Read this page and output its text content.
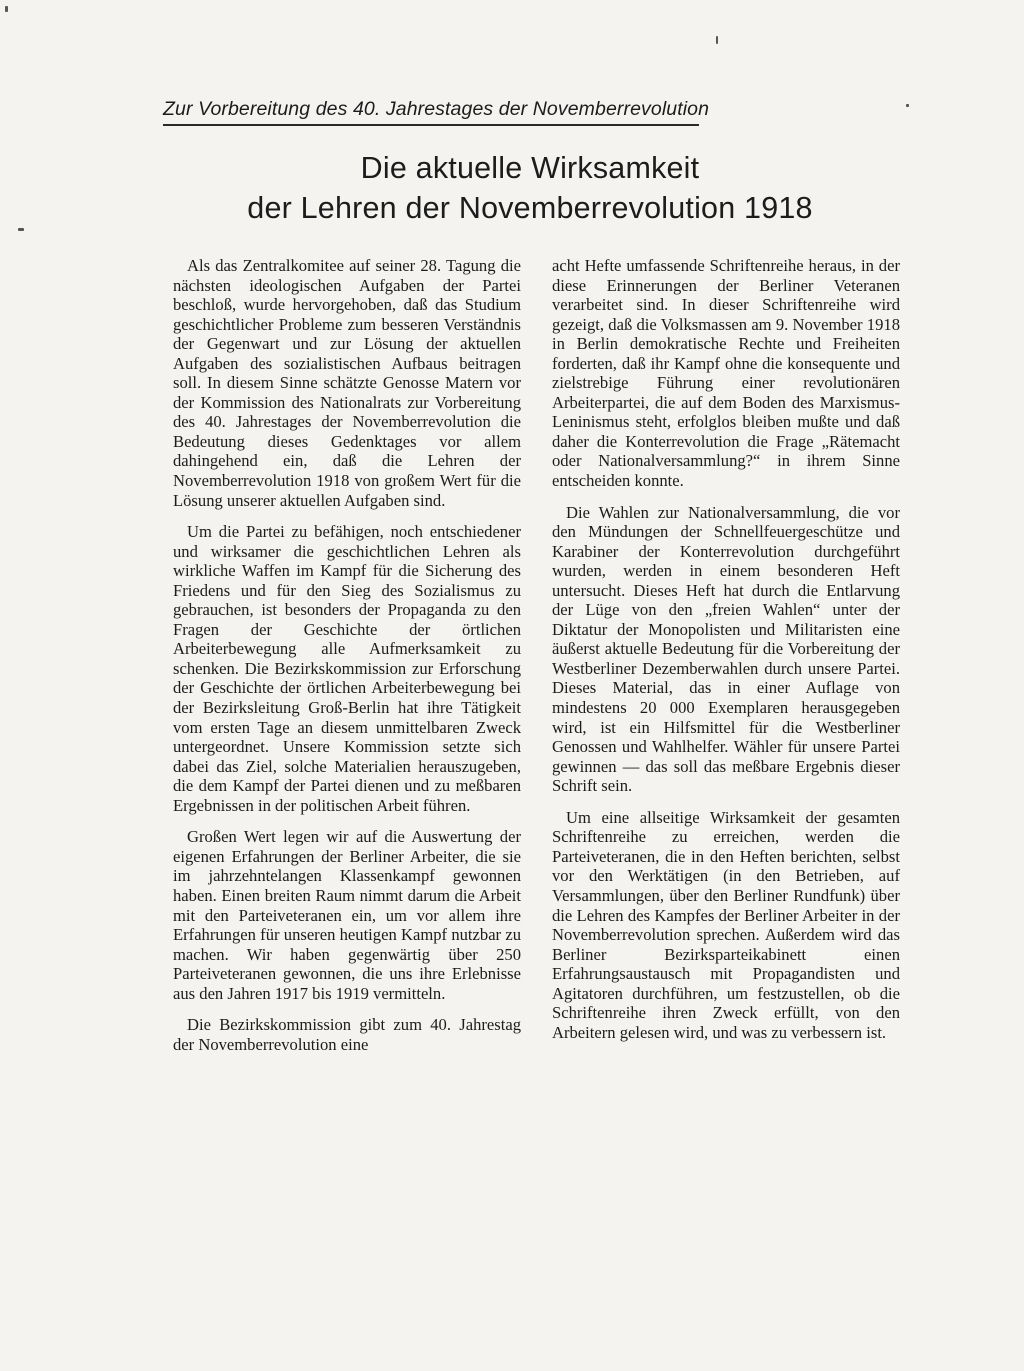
Zur Vorbereitung des 40. Jahrestages der Novemberrevolution
Die aktuelle Wirksamkeit
der Lehren der Novemberrevolution 1918

Als das Zentralkomitee auf seiner 28. Tagung die nächsten ideologischen Aufgaben der Partei beschloß, wurde hervorgehoben, daß das Studium geschichtlicher Probleme zum besseren Verständnis der Gegenwart und zur Lösung der aktuellen Aufgaben des sozialistischen Aufbaus beitragen soll. In diesem Sinne schätzte Genosse Matern vor der Kommission des Nationalrats zur Vorbereitung des 40. Jahrestages der Novemberrevolution die Bedeutung dieses Gedenktages vor allem dahingehend ein, daß die Lehren der Novemberrevolution 1918 von großem Wert für die Lösung unserer aktuellen Aufgaben sind.

Um die Partei zu befähigen, noch entschiedener und wirksamer die geschichtlichen Lehren als wirkliche Waffen im Kampf für die Sicherung des Friedens und für den Sieg des Sozialismus zu gebrauchen, ist besonders der Propaganda zu den Fragen der Geschichte der örtlichen Arbeiterbewegung alle Aufmerksamkeit zu schenken. Die Bezirkskommission zur Erforschung der Geschichte der örtlichen Arbeiterbewegung bei der Bezirksleitung Groß-Berlin hat ihre Tätigkeit vom ersten Tage an diesem unmittelbaren Zweck untergeordnet. Unsere Kommission setzte sich dabei das Ziel, solche Materialien herauszugeben, die dem Kampf der Partei dienen und zu meßbaren Ergebnissen in der politischen Arbeit führen.

Großen Wert legen wir auf die Auswertung der eigenen Erfahrungen der Berliner Arbeiter, die sie im jahrzehntelangen Klassenkampf gewonnen haben. Einen breiten Raum nimmt darum die Arbeit mit den Parteiveteranen ein, um vor allem ihre Erfahrungen für unseren heutigen Kampf nutzbar zu machen. Wir haben gegenwärtig über 250 Parteiveteranen gewonnen, die uns ihre Erlebnisse aus den Jahren 1917 bis 1919 vermitteln.

Die Bezirkskommission gibt zum 40. Jahrestag der Novemberrevolution eine

acht Hefte umfassende Schriftenreihe heraus, in der diese Erinnerungen der Berliner Veteranen verarbeitet sind. In dieser Schriftenreihe wird gezeigt, daß die Volksmassen am 9. November 1918 in Berlin demokratische Rechte und Freiheiten forderten, daß ihr Kampf ohne die konsequente und zielstrebige Führung einer revolutionären Arbeiterpartei, die auf dem Boden des Marxismus-Leninismus steht, erfolglos bleiben mußte und daß daher die Konterrevolution die Frage „Rätemacht oder Nationalversammlung?“ in ihrem Sinne entscheiden konnte.

Die Wahlen zur Nationalversammlung, die vor den Mündungen der Schnellfeuergeschütze und Karabiner der Konterrevolution durchgeführt wurden, werden in einem besonderen Heft untersucht. Dieses Heft hat durch die Entlarvung der Lüge von den „freien Wahlen“ unter der Diktatur der Monopolisten und Militaristen eine äußerst aktuelle Bedeutung für die Vorbereitung der Westberliner Dezemberwahlen durch unsere Partei. Dieses Material, das in einer Auflage von mindestens 20 000 Exemplaren herausgegeben wird, ist ein Hilfsmittel für die Westberliner Genossen und Wahlhelfer. Wähler für unsere Partei gewinnen — das soll das meßbare Ergebnis dieser Schrift sein.

Um eine allseitige Wirksamkeit der gesamten Schriftenreihe zu erreichen, werden die Parteiveteranen, die in den Heften berichten, selbst vor den Werktätigen (in den Betrieben, auf Versammlungen, über den Berliner Rundfunk) über die Lehren des Kampfes der Berliner Arbeiter in der Novemberrevolution sprechen. Außerdem wird das Berliner Bezirksparteikabinett einen Erfahrungsaustausch mit Propagandisten und Agitatoren durchführen, um festzustellen, ob die Schriftenreihe ihren Zweck erfüllt, von den Arbeitern gelesen wird, und was zu verbessern ist.
